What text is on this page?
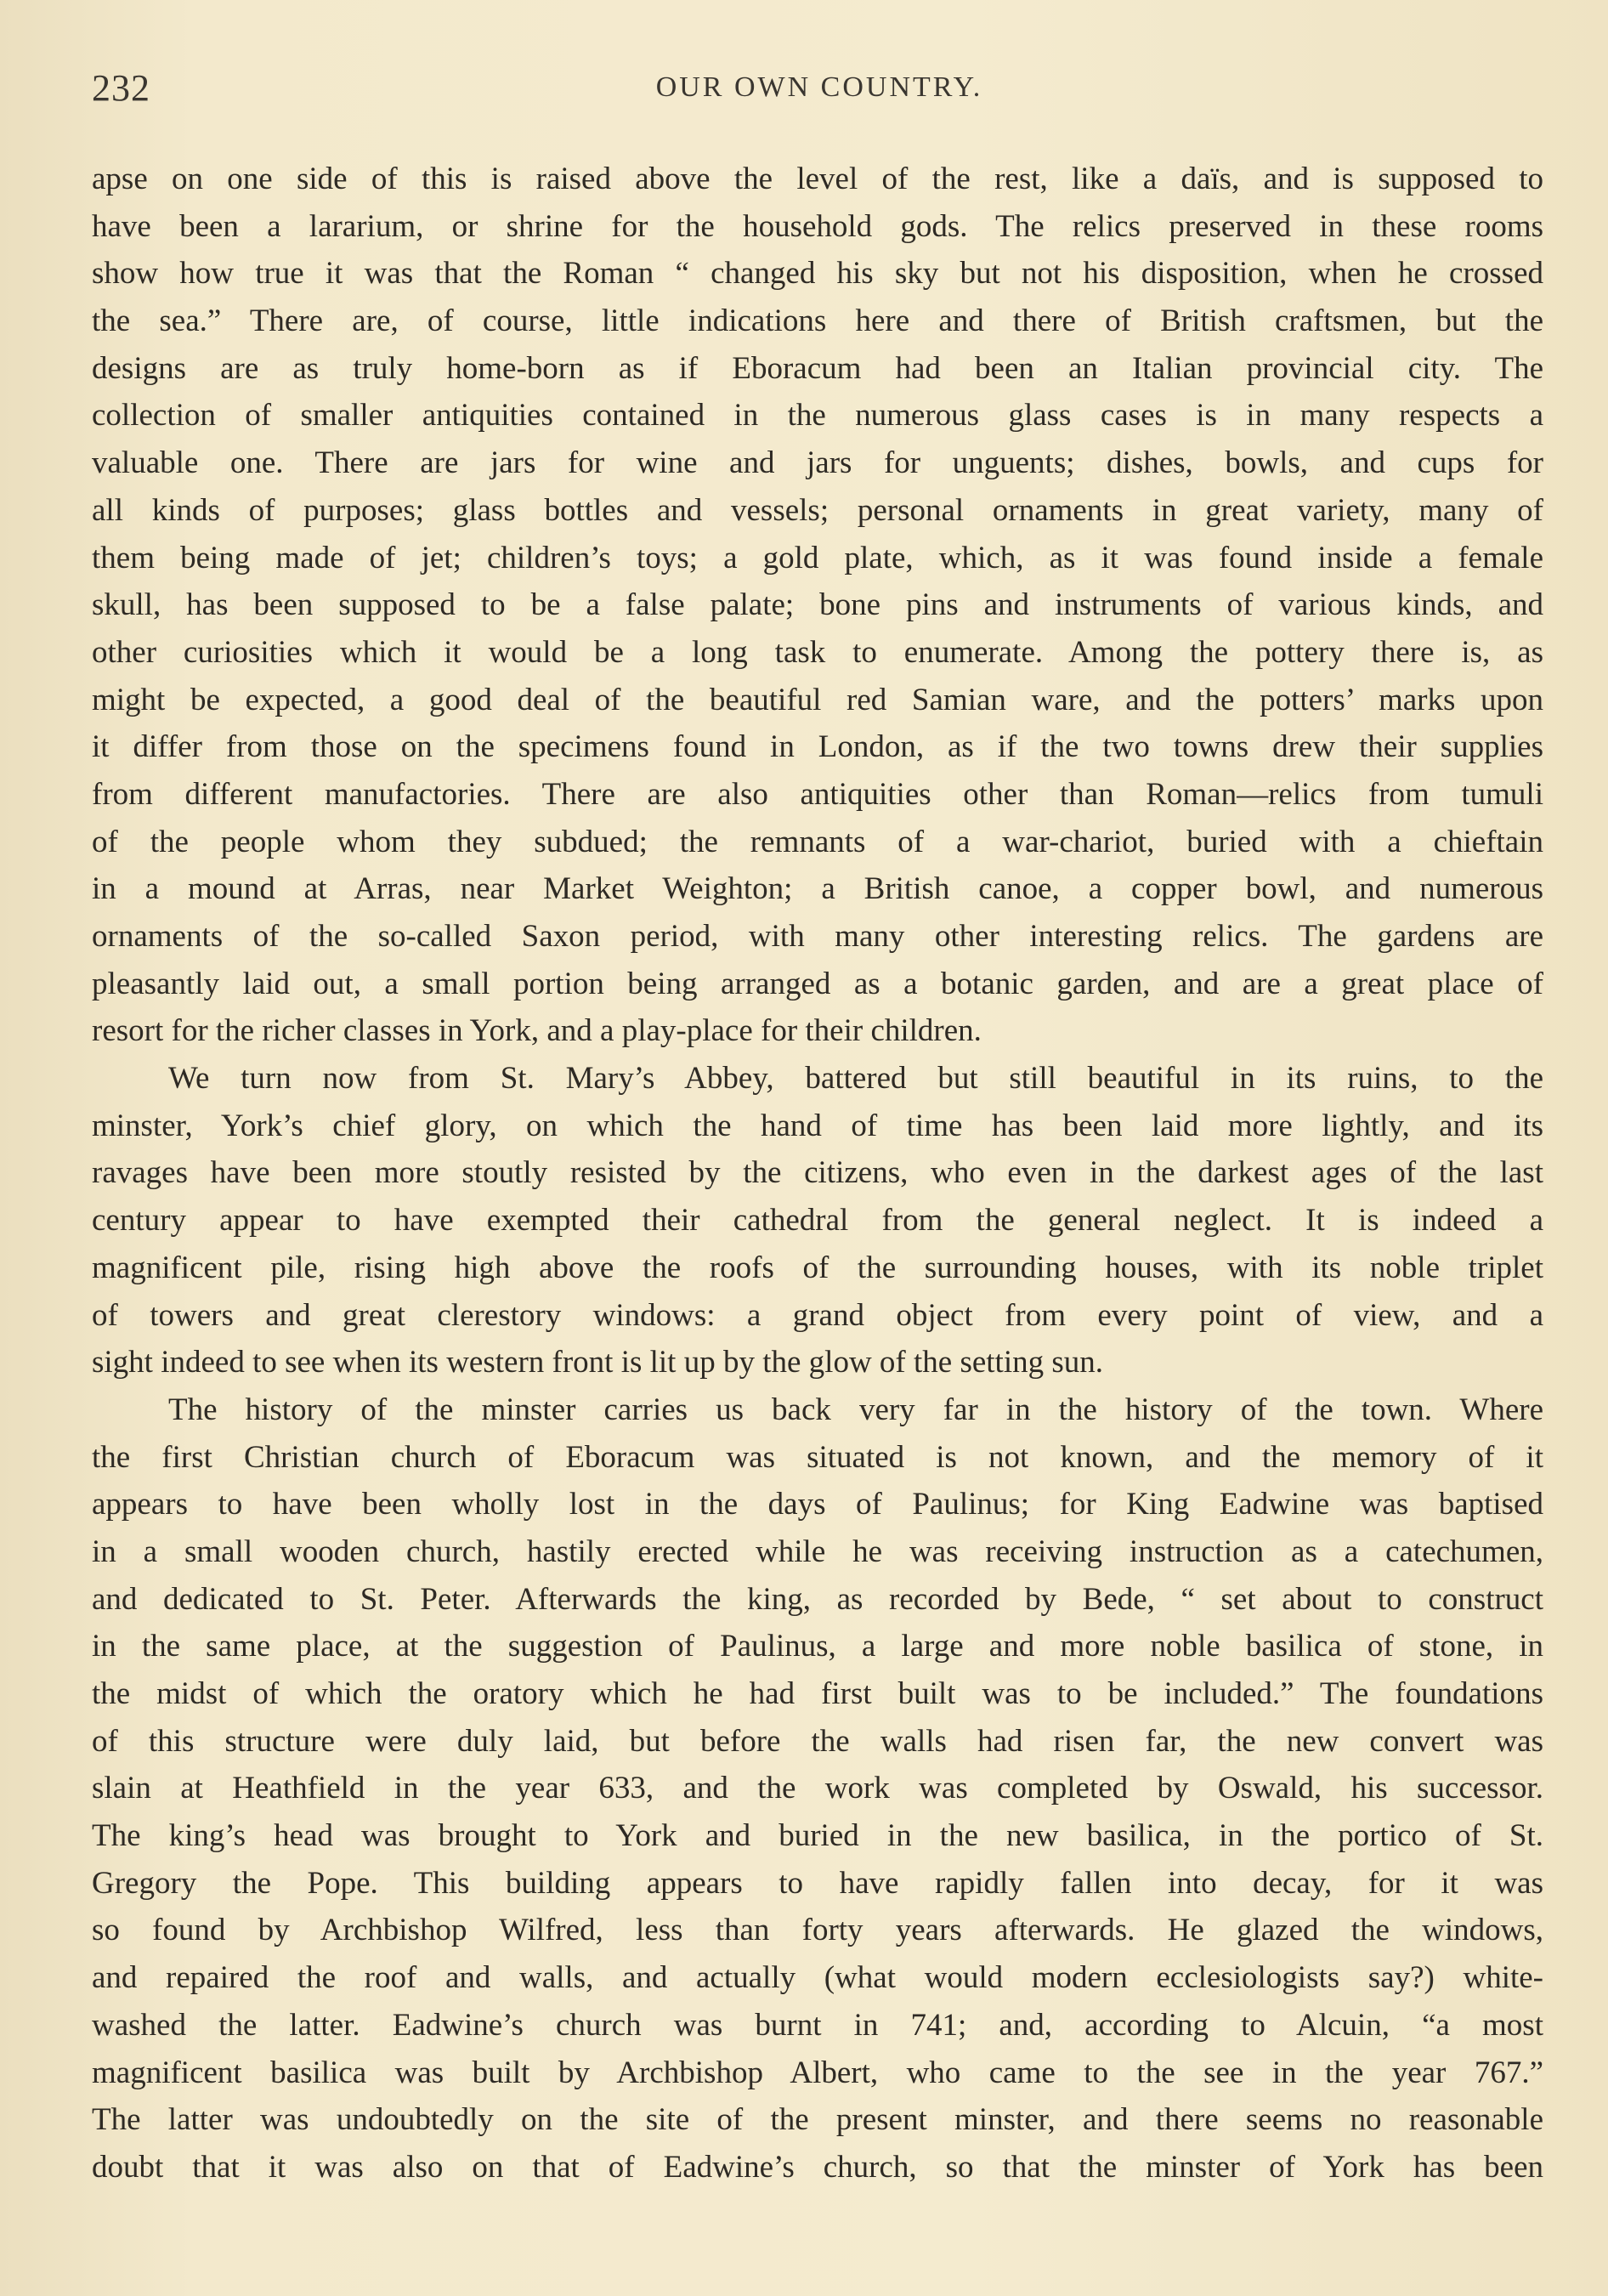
232	OUR OWN COUNTRY.
apse on one side of this is raised above the level of the rest, like a daïs, and is supposed to
have been a lararium, or shrine for the household gods. The relics preserved in these rooms
show how true it was that the Roman “ changed his sky but not his disposition, when he crossed
the sea.” There are, of course, little indications here and there of British craftsmen, but the
designs are as truly home-born as if Eboracum had been an Italian provincial city. The
collection of smaller antiquities contained in the numerous glass cases is in many respects a
valuable one. There are jars for wine and jars for unguents; dishes, bowls, and cups for
all kinds of purposes; glass bottles and vessels; personal ornaments in great variety, many of
them being made of jet; children’s toys; a gold plate, which, as it was found inside a female
skull, has been supposed to be a false palate; bone pins and instruments of various kinds, and
other curiosities which it would be a long task to enumerate. Among the pottery there is, as
might be expected, a good deal of the beautiful red Samian ware, and the potters’ marks upon
it differ from those on the specimens found in London, as if the two towns drew their supplies
from different manufactories. There are also antiquities other than Roman—relics from tumuli
of the people whom they subdued; the remnants of a war-chariot, buried with a chieftain
in a mound at Arras, near Market Weighton; a British canoe, a copper bowl, and numerous
ornaments of the so-called Saxon period, with many other interesting relics. The gardens are
pleasantly laid out, a small portion being arranged as a botanic garden, and are a great place of
resort for the richer classes in York, and a play-place for their children.
We turn now from St. Mary’s Abbey, battered but still beautiful in its ruins, to the
minster, York’s chief glory, on which the hand of time has been laid more lightly, and its
ravages have been more stoutly resisted by the citizens, who even in the darkest ages of the last
century appear to have exempted their cathedral from the general neglect. It is indeed a
magnificent pile, rising high above the roofs of the surrounding houses, with its noble triplet
of towers and great clerestory windows: a grand object from every point of view, and a
sight indeed to see when its western front is lit up by the glow of the setting sun.
The history of the minster carries us back very far in the history of the town. Where
the first Christian church of Eboracum was situated is not known, and the memory of it
appears to have been wholly lost in the days of Paulinus; for King Eadwine was baptised
in a small wooden church, hastily erected while he was receiving instruction as a catechumen,
and dedicated to St. Peter. Afterwards the king, as recorded by Bede, “ set about to construct
in the same place, at the suggestion of Paulinus, a large and more noble basilica of stone, in
the midst of which the oratory which he had first built was to be included.” The foundations
of this structure were duly laid, but before the walls had risen far, the new convert was
slain at Heathfield in the year 633, and the work was completed by Oswald, his successor.
The king’s head was brought to York and buried in the new basilica, in the portico of St.
Gregory the Pope. This building appears to have rapidly fallen into decay, for it was
so found by Archbishop Wilfred, less than forty years afterwards. He glazed the windows,
and repaired the roof and walls, and actually (what would modern ecclesiologists say?) white-
washed the latter. Eadwine’s church was burnt in 741; and, according to Alcuin, “a most
magnificent basilica was built by Archbishop Albert, who came to the see in the year 767.”
The latter was undoubtedly on the site of the present minster, and there seems no reasonable
doubt that it was also on that of Eadwine’s church, so that the minster of York has been
